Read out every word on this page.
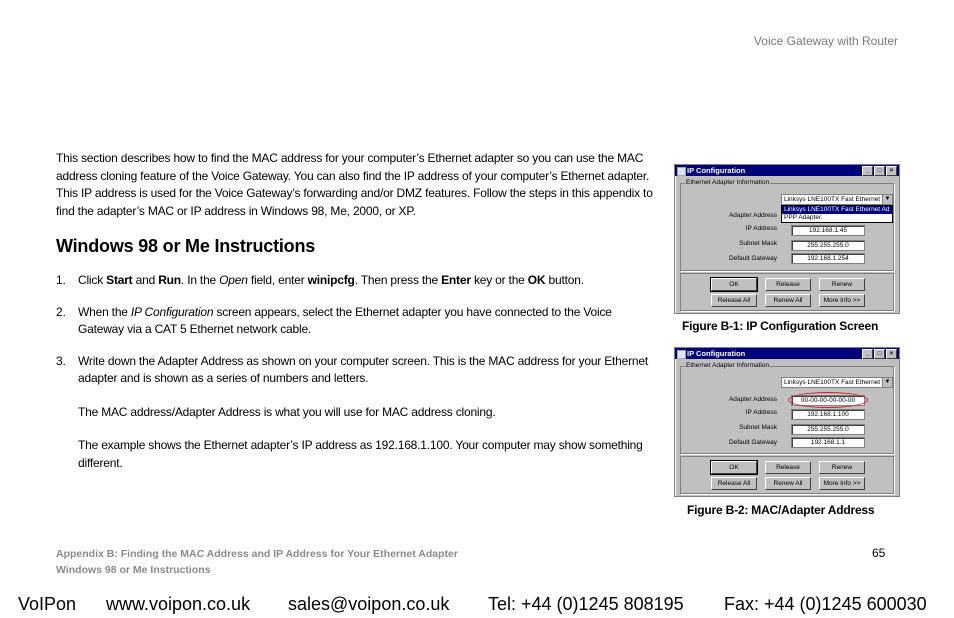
Voice Gateway with Router
This section describes how to find the MAC address for your computer’s Ethernet adapter so you can use the MAC address cloning feature of the Voice Gateway. You can also find the IP address of your computer’s Ethernet adapter. This IP address is used for the Voice Gateway’s forwarding and/or DMZ features. Follow the steps in this appendix to find the adapter’s MAC or IP address in Windows 98, Me, 2000, or XP.
Windows 98 or Me Instructions
1. Click Start and Run. In the Open field, enter winipcfg. Then press the Enter key or the OK button.

2. When the IP Configuration screen appears, select the Ethernet adapter you have connected to the Voice Gateway via a CAT 5 Ethernet network cable.

3. Write down the Adapter Address as shown on your computer screen. This is the MAC address for your Ethernet adapter and is shown as a series of numbers and letters.

The MAC address/Adapter Address is what you will use for MAC address cloning.

The example shows the Ethernet adapter’s IP address as 192.168.1.100. Your computer may show something different.

IP Configuration	_	□	×
Ethernet Adapter Information
Linksys LNE100TX Fast Ethernet ▼
Linksys LNE100TX Fast Ethernet Ad
PPP Adapter.
Adapter Address
IP Address	192.168.1.45
Subnet Mask	255.255.255.0
Default Gateway	192.168.1.254
OK	Release	Renew
Release All	Renew All	More Info >>
Figure B-1: IP Configuration Screen
IP Configuration	_	□	×
Ethernet Adapter Information
Linksys LNE100TX Fast Ethernet ▼
Adapter Address	00-00-00-00-00-00
IP Address	192.168.1.100
Subnet Mask	255.255.255.0
Default Gateway	192.168.1.1
OK	Release	Renew
Release All	Renew All	More Info >>
Figure B-2: MAC/Adapter Address
Appendix B: Finding the MAC Address and IP Address for Your Ethernet Adapter
Windows 98 or Me Instructions
65
VoIPon www.voipon.co.uk sales@voipon.co.uk Tel: +44 (0)1245 808195 Fax: +44 (0)1245 600030
